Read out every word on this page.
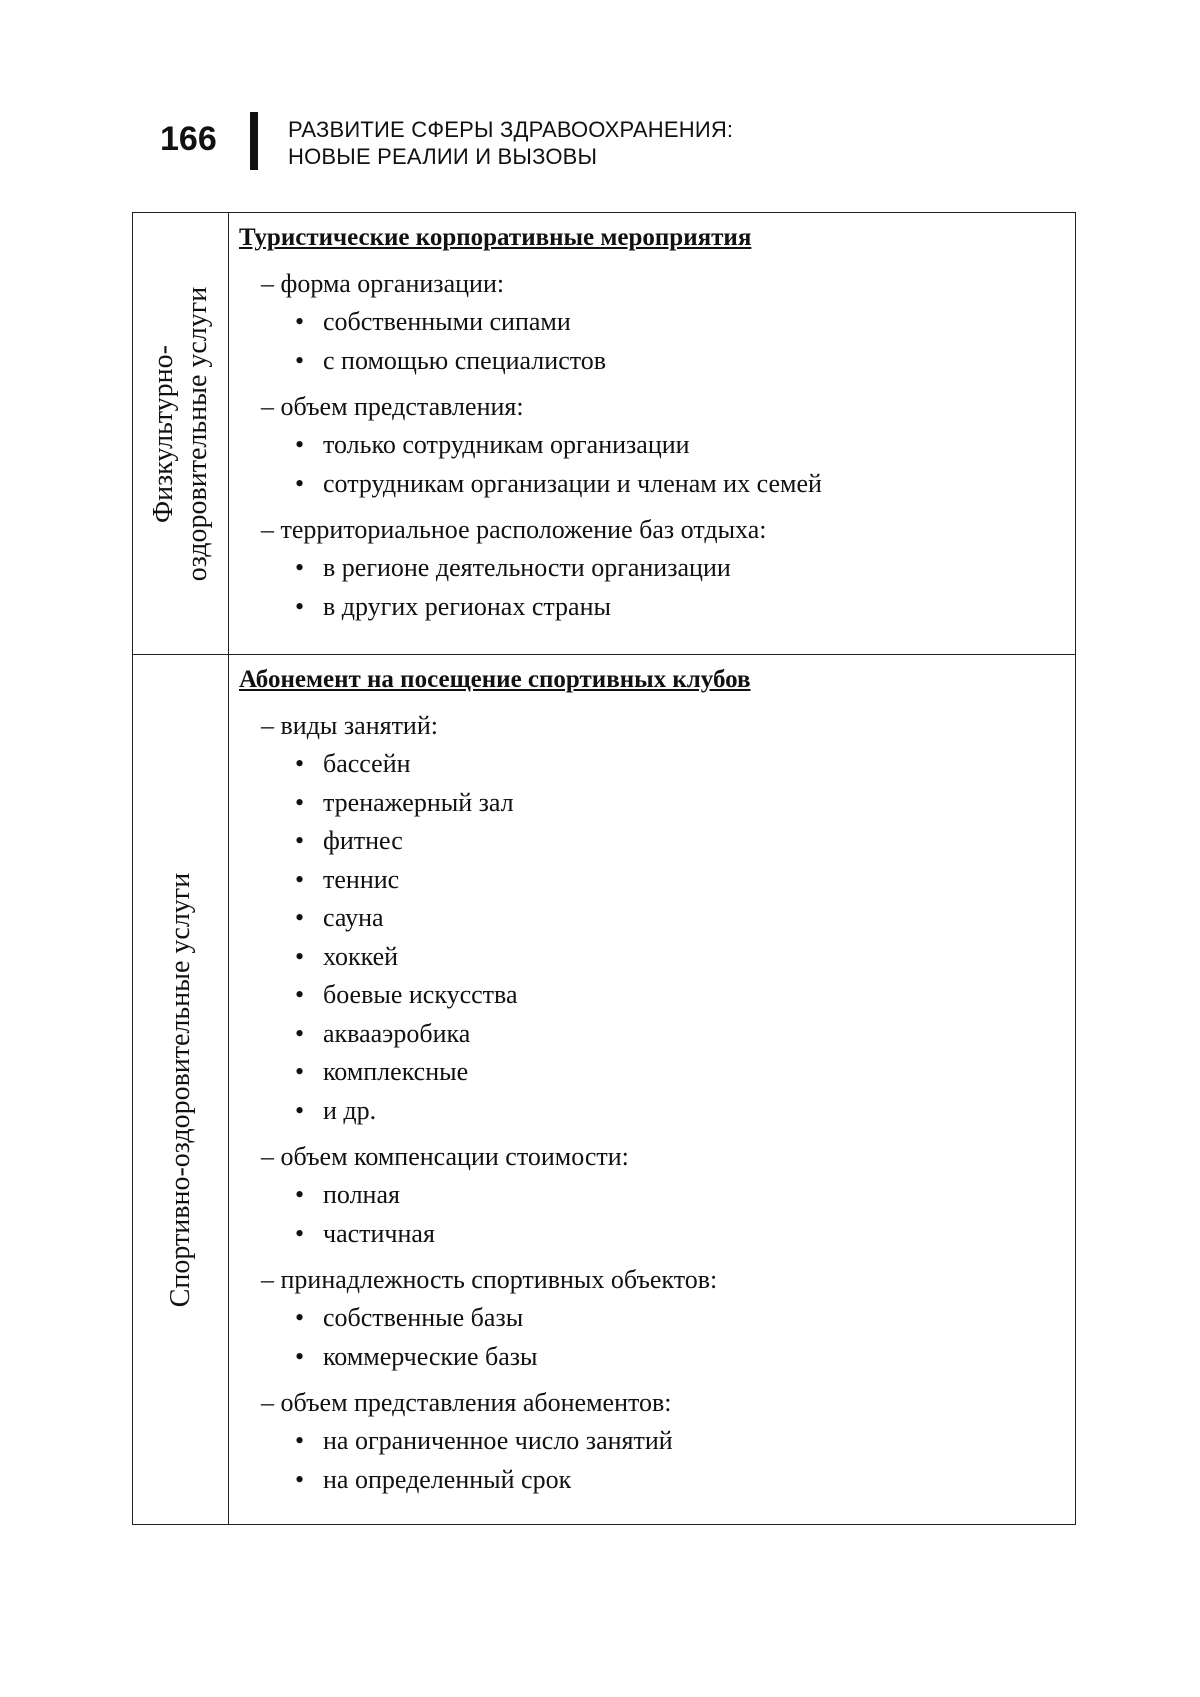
166	РАЗВИТИЕ СФЕРЫ ЗДРАВООХРАНЕНИЯ:
НОВЫЕ РЕАЛИИ И ВЫЗОВЫ
Физкультурно- оздоровительные услуги
Туристические корпоративные мероприятия
– форма организации:
• собственными сипами
• с помощью специалистов
– объем представления:
• только сотрудникам организации
• сотрудникам организации и членам их семей
– территориальное расположение баз отдыха:
• в регионе деятельности организации
• в других регионах страны
Спортивно-оздоровительные услуги
Абонемент на посещение спортивных клубов
– виды занятий:
• бассейн
• тренажерный зал
• фитнес
• теннис
• сауна
• хоккей
• боевые искусства
• аквааэробика
• комплексные
• и др.
– объем компенсации стоимости:
• полная
• частичная
– принадлежность спортивных объектов:
• собственные базы
• коммерческие базы
– объем представления абонементов:
• на ограниченное число занятий
• на определенный срок
